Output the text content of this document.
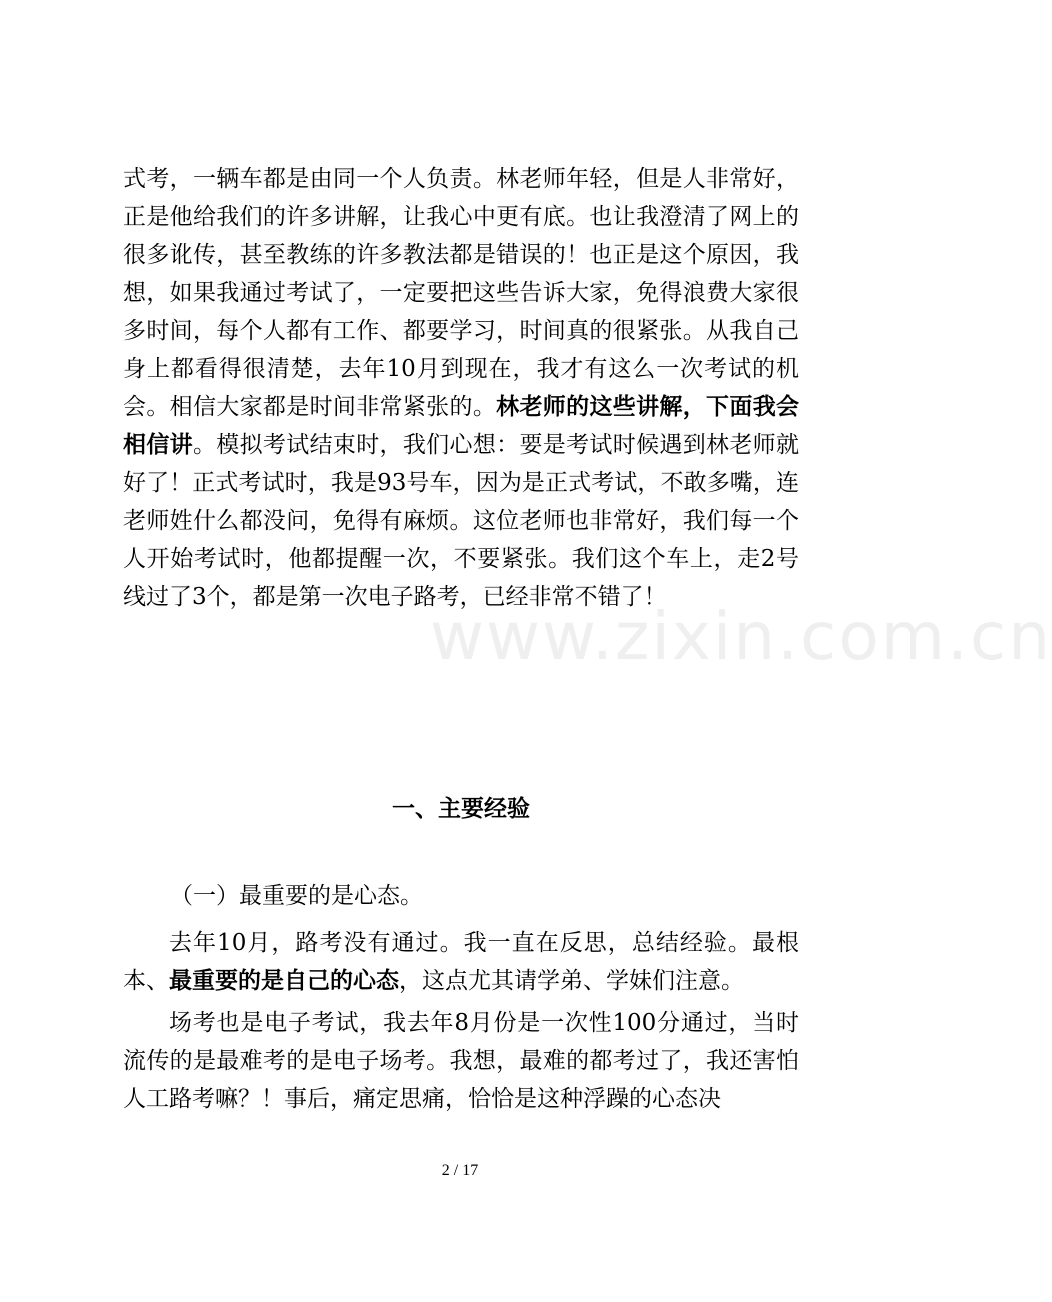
www.zixin.com.cn

式考，一辆车都是由同一个人负责。林老师年轻，但是人非常好，正是他给我们的许多讲解，让我心中更有底。也让我澄清了网上的很多讹传，甚至教练的许多教法都是错误的！也正是这个原因，我想，如果我通过考试了，一定要把这些告诉大家，免得浪费大家很多时间，每个人都有工作、都要学习，时间真的很紧张。从我自己身上都看得很清楚，去年10月到现在，我才有这么一次考试的机会。相信大家都是时间非常紧张的。林老师的这些讲解，下面我会相信讲。模拟考试结束时，我们心想：要是考试时候遇到林老师就好了！正式考试时，我是93号车，因为是正式考试，不敢多嘴，连老师姓什么都没问，免得有麻烦。这位老师也非常好，我们每一个人开始考试时，他都提醒一次，不要紧张。我们这个车上，走2号线过了3个，都是第一次电子路考，已经非常不错了！

一、主要经验
（一）最重要的是心态。

去年10月，路考没有通过。我一直在反思，总结经验。最根本、最重要的是自己的心态，这点尤其请学弟、学妹们注意。

场考也是电子考试，我去年8月份是一次性100分通过，当时流传的是最难考的是电子场考。我想，最难的都考过了，我还害怕人工路考嘛？！事后，痛定思痛，恰恰是这种浮躁的心态决

2 / 17
